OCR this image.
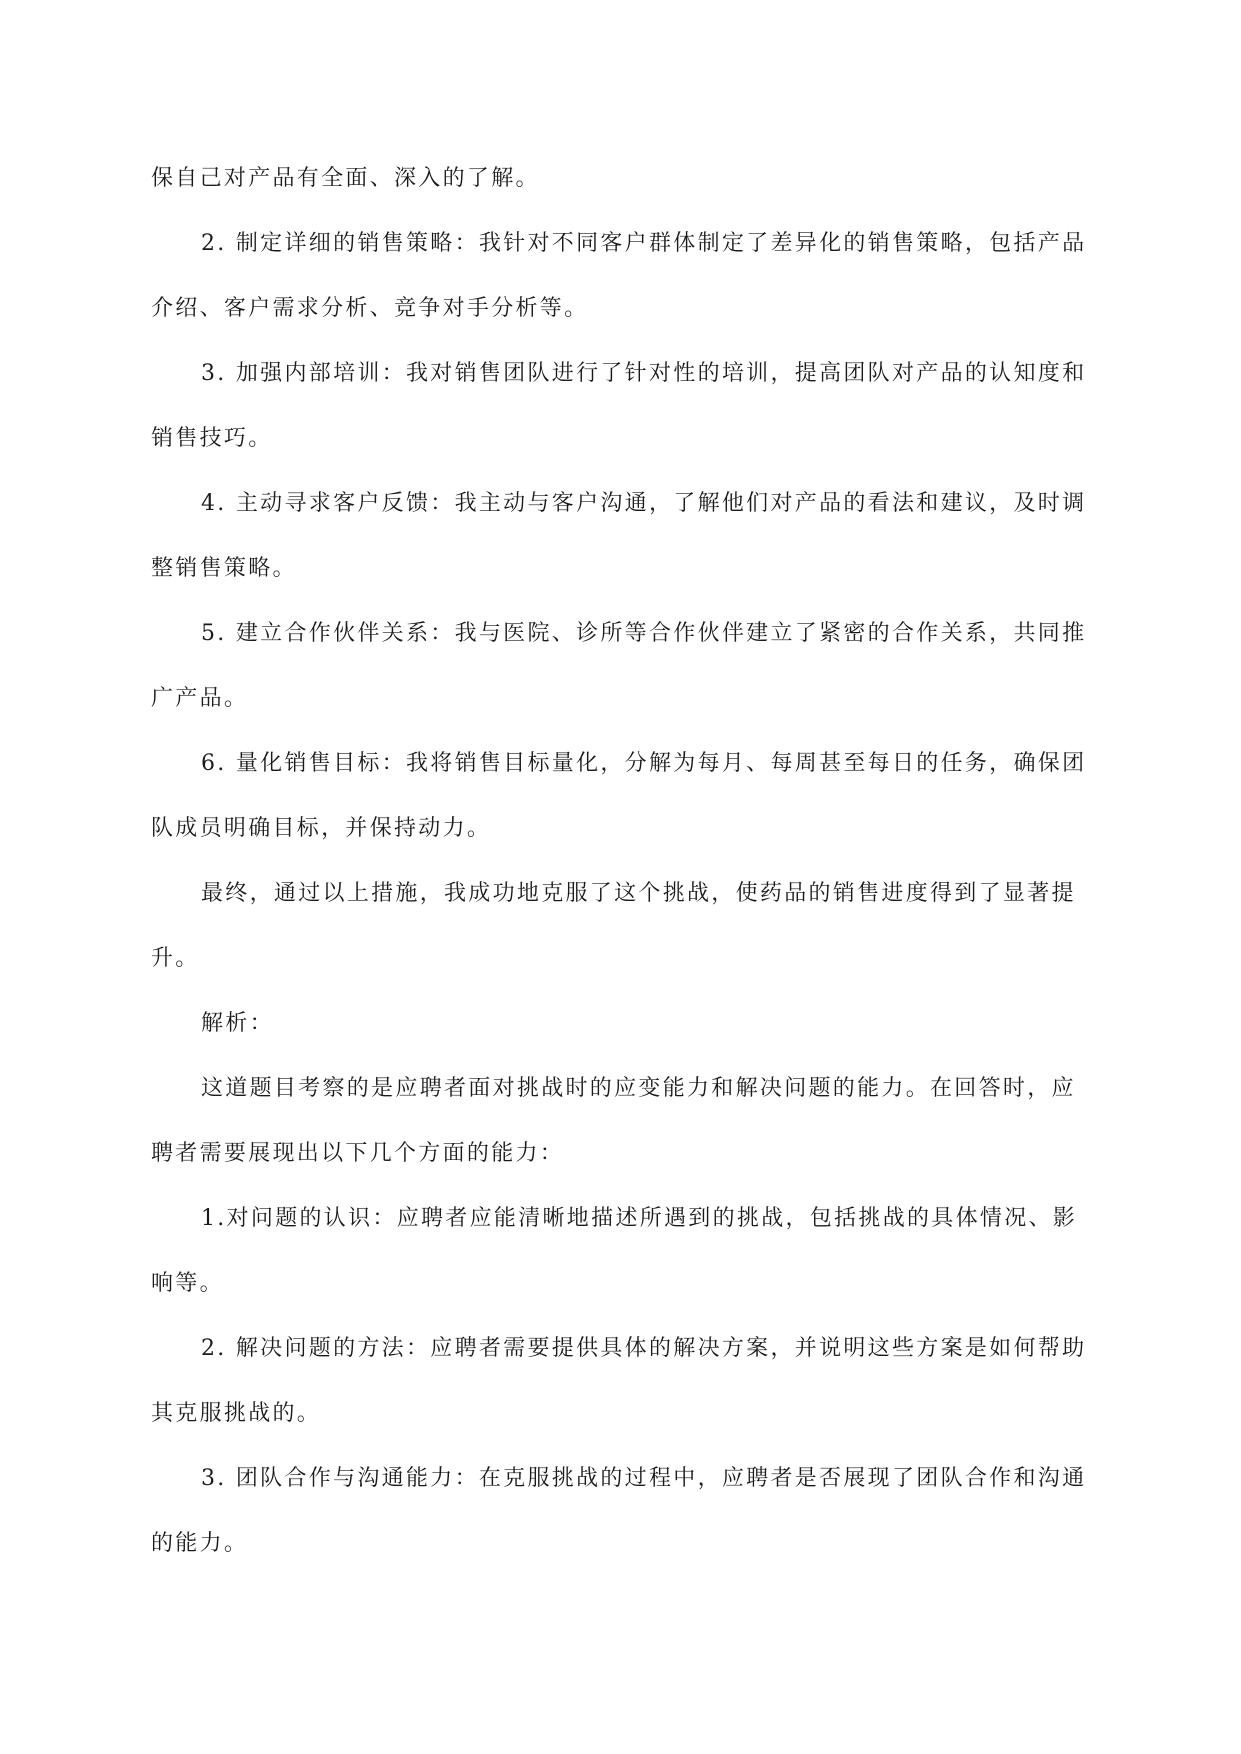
保自己对产品有全面、深入的了解。

2. 制定详细的销售策略：我针对不同客户群体制定了差异化的销售策略，包括产品介绍、客户需求分析、竞争对手分析等。

3. 加强内部培训：我对销售团队进行了针对性的培训，提高团队对产品的认知度和销售技巧。

4. 主动寻求客户反馈：我主动与客户沟通，了解他们对产品的看法和建议，及时调整销售策略。

5. 建立合作伙伴关系：我与医院、诊所等合作伙伴建立了紧密的合作关系，共同推广产品。

6. 量化销售目标：我将销售目标量化，分解为每月、每周甚至每日的任务，确保团队成员明确目标，并保持动力。

最终，通过以上措施，我成功地克服了这个挑战，使药品的销售进度得到了显著提升。

解析：

这道题目考察的是应聘者面对挑战时的应变能力和解决问题的能力。在回答时，应聘者需要展现出以下几个方面的能力：

1.对问题的认识：应聘者应能清晰地描述所遇到的挑战，包括挑战的具体情况、影响等。

2. 解决问题的方法：应聘者需要提供具体的解决方案，并说明这些方案是如何帮助其克服挑战的。

3. 团队合作与沟通能力：在克服挑战的过程中，应聘者是否展现了团队合作和沟通的能力。
